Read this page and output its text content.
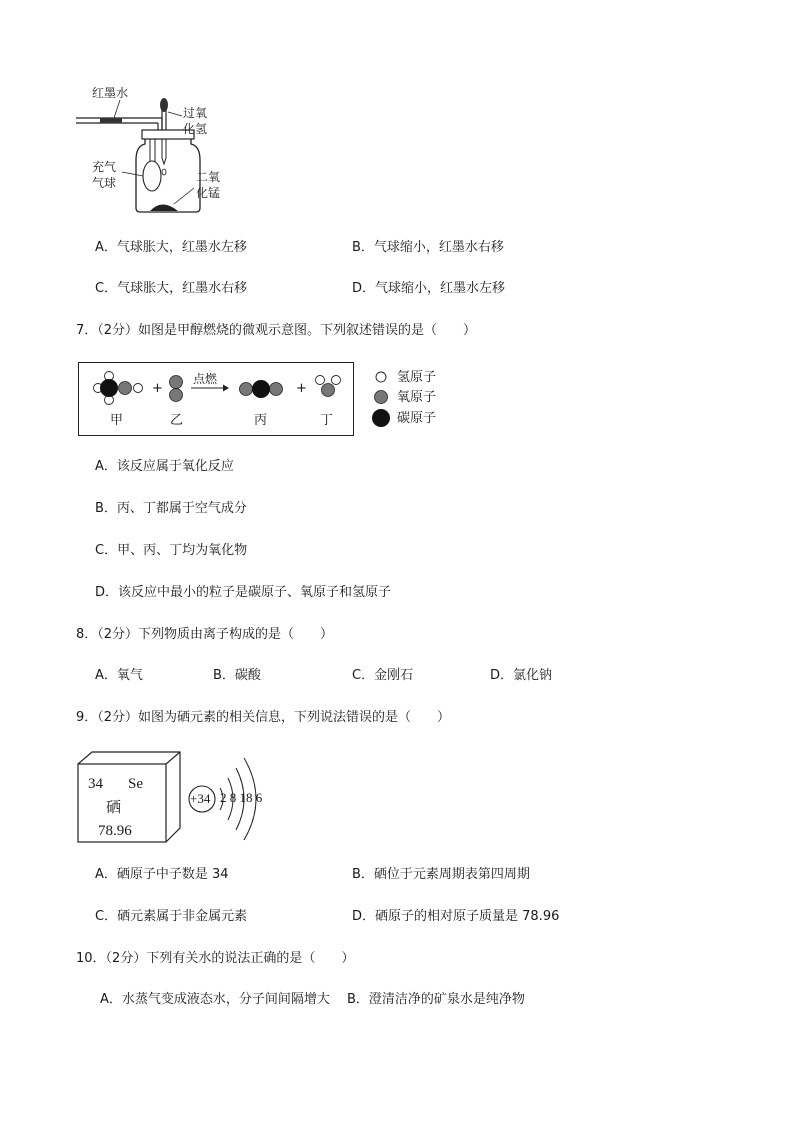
红墨水
过氧
化氢
充气
气球	二氧
化锰
A．气球胀大，红墨水左移	B．气球缩小，红墨水右移
C．气球胀大，红墨水右移	D．气球缩小，红墨水左移
7．（2分）如图是甲醇燃烧的微观示意图。下列叙述错误的是（　　）
+
点燃
+
甲	乙	丙	丁
氢原子
氧原子
碳原子
A．该反应属于氧化反应
B．丙、丁都属于空气成分
C．甲、丙、丁均为氧化物
D．该反应中最小的粒子是碳原子、氧原子和氢原子
8．（2分）下列物质由离子构成的是（　　）
A．氧气	B．碳酸	C．金刚石	D．氯化钠
9．（2分）如图为硒元素的相关信息，下列说法错误的是（　　）
34 Se
硒
78.96
+34 2 8 18 6
A．硒原子中子数是 34	B．硒位于元素周期表第四周期
C．硒元素属于非金属元素	D．硒原子的相对原子质量是 78.96
10．（2分）下列有关水的说法正确的是（　　）
A．水蒸气变成液态水，分子间间隔增大 B．澄清洁净的矿泉水是纯净物
